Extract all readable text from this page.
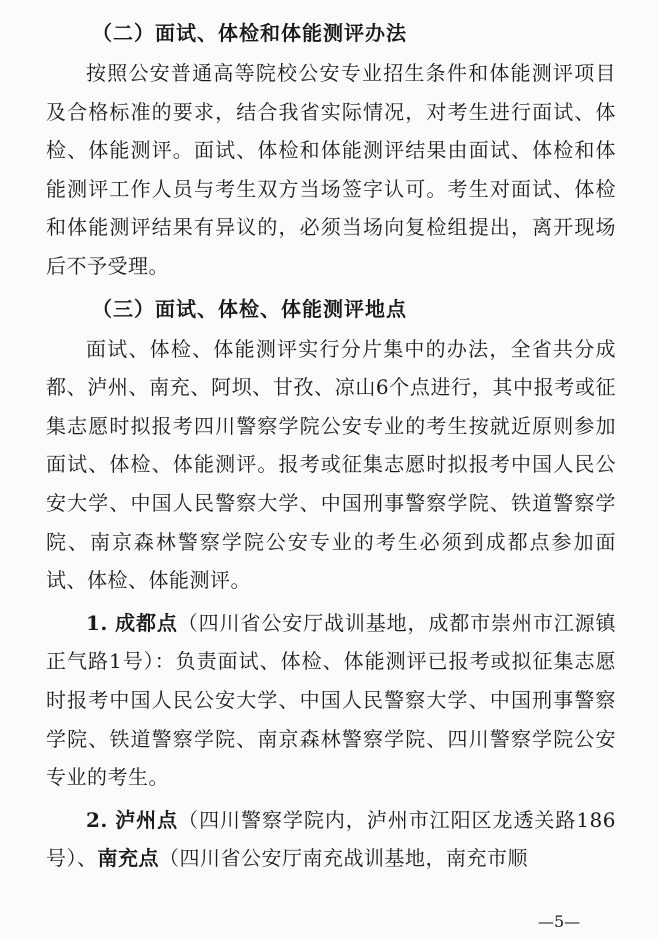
（二）面试、体检和体能测评办法

按照公安普通高等院校公安专业招生条件和体能测评项目及合格标准的要求，结合我省实际情况，对考生进行面试、体检、体能测评。面试、体检和体能测评结果由面试、体检和体能测评工作人员与考生双方当场签字认可。考生对面试、体检和体能测评结果有异议的，必须当场向复检组提出，离开现场后不予受理。

（三）面试、体检、体能测评地点

面试、体检、体能测评实行分片集中的办法，全省共分成都、泸州、南充、阿坝、甘孜、凉山6个点进行，其中报考或征集志愿时拟报考四川警察学院公安专业的考生按就近原则参加面试、体检、体能测评。报考或征集志愿时拟报考中国人民公安大学、中国人民警察大学、中国刑事警察学院、铁道警察学院、南京森林警察学院公安专业的考生必须到成都点参加面试、体检、体能测评。

1. 成都点（四川省公安厅战训基地，成都市崇州市江源镇正气路1号）：负责面试、体检、体能测评已报考或拟征集志愿时报考中国人民公安大学、中国人民警察大学、中国刑事警察学院、铁道警察学院、南京森林警察学院、四川警察学院公安专业的考生。

2. 泸州点（四川警察学院内，泸州市江阳区龙透关路186号）、南充点（四川省公安厅南充战训基地，南充市顺

—5—
